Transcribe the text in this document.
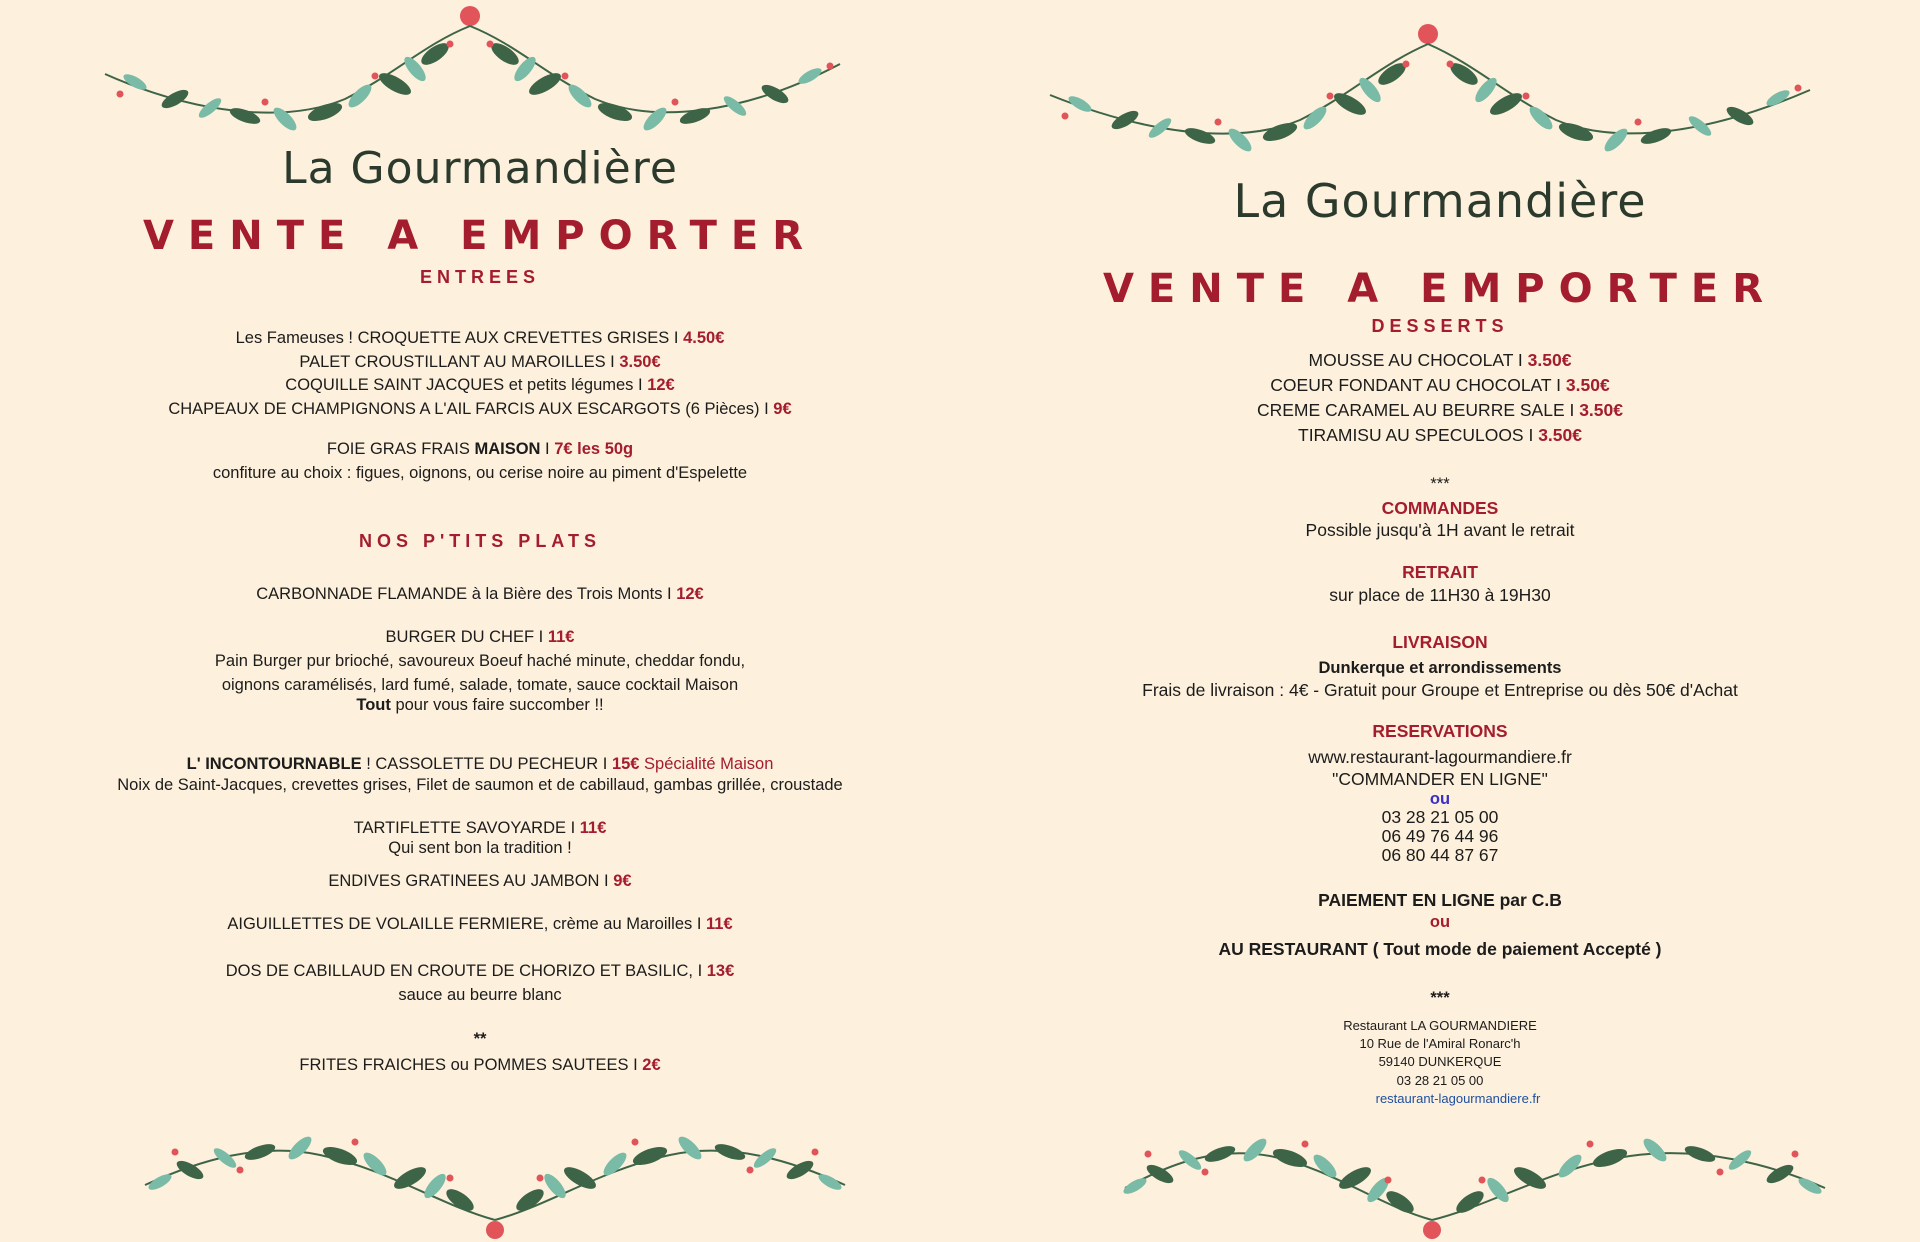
La Gourmandière
VENTE A EMPORTER
ENTREES
Les Fameuses ! CROQUETTE AUX CREVETTES GRISES I 4.50€
PALET CROUSTILLANT AU MAROILLES I 3.50€
COQUILLE SAINT JACQUES et petits légumes I 12€
CHAPEAUX DE CHAMPIGNONS A L'AIL FARCIS AUX ESCARGOTS (6 Pièces) I 9€
FOIE GRAS FRAIS MAISON I 7€ les 50g
confiture au choix : figues, oignons, ou cerise noire au piment d'Espelette
NOS P'TITS PLATS
CARBONNADE FLAMANDE à la Bière des Trois Monts I 12€
BURGER DU CHEF I 11€
Pain Burger pur brioché, savoureux Boeuf haché minute, cheddar fondu,
oignons caramélisés, lard fumé, salade, tomate, sauce cocktail Maison
Tout pour vous faire succomber !!
L' INCONTOURNABLE ! CASSOLETTE DU PECHEUR I 15€ Spécialité Maison
Noix de Saint-Jacques, crevettes grises, Filet de saumon et de cabillaud, gambas grillée, croustade
TARTIFLETTE SAVOYARDE I 11€
Qui sent bon la tradition !
ENDIVES GRATINEES AU JAMBON I 9€
AIGUILLETTES DE VOLAILLE FERMIERE, crème au Maroilles I 11€
DOS DE CABILLAUD EN CROUTE DE CHORIZO ET BASILIC, I 13€
sauce au beurre blanc
**
FRITES FRAICHES ou POMMES SAUTEES I 2€
La Gourmandière
VENTE A EMPORTER
DESSERTS
MOUSSE AU CHOCOLAT I 3.50€
COEUR FONDANT AU CHOCOLAT I 3.50€
CREME CARAMEL AU BEURRE SALE I 3.50€
TIRAMISU AU SPECULOOS I 3.50€
***
COMMANDES
Possible jusqu'à 1H avant le retrait
RETRAIT
sur place de 11H30 à 19H30
LIVRAISON
Dunkerque et arrondissements
Frais de livraison : 4€ - Gratuit pour Groupe et Entreprise ou dès 50€ d'Achat
RESERVATIONS
www.restaurant-lagourmandiere.fr
"COMMANDER EN LIGNE"
ou
03 28 21 05 00
06 49 76 44 96
06 80 44 87 67
PAIEMENT EN LIGNE par C.B
ou
AU RESTAURANT ( Tout mode de paiement Accepté )
***
Restaurant LA GOURMANDIERE
10 Rue de l'Amiral Ronarc'h
59140 DUNKERQUE
03 28 21 05 00
restaurant-lagourmandiere.fr
